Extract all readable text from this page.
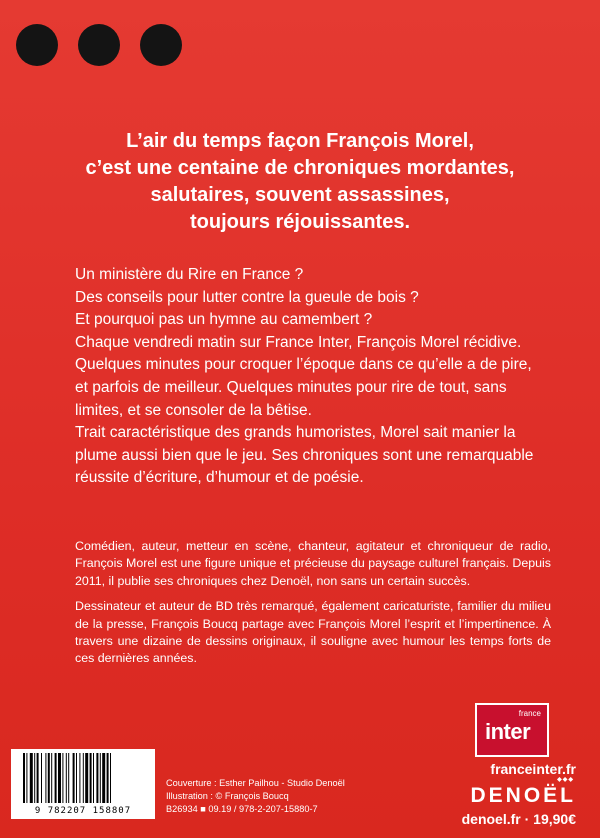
L’air du temps façon François Morel,
c’est une centaine de chroniques mordantes,
salutaires, souvent assassines,
toujours réjouissantes.

Un ministère du Rire en France ?

Des conseils pour lutter contre la gueule de bois ?

Et pourquoi pas un hymne au camembert ?

Chaque vendredi matin sur France Inter, François Morel récidive.

Quelques minutes pour croquer l’époque dans ce qu’elle a de pire,

et parfois de meilleur. Quelques minutes pour rire de tout, sans

limites, et se consoler de la bêtise.

Trait caractéristique des grands humoristes, Morel sait manier la

plume aussi bien que le jeu. Ses chroniques sont une remarquable

réussite d’écriture, d’humour et de poésie.

Comédien, auteur, metteur en scène, chanteur, agitateur et chroniqueur de radio, François Morel est une figure unique et précieuse du paysage culturel français. Depuis 2011, il publie ses chroniques chez Denoël, non sans un certain succès.

Dessinateur et auteur de BD très remarqué, également caricaturiste, familier du milieu de la presse, François Boucq partage avec François Morel l’esprit et l’impertinence. À travers une dizaine de dessins originaux, il souligne avec humour les temps forts de ces dernières années.

9 782207 158807
Couverture : Esther Pailhou - Studio Denoël
Illustration : © François Boucq
B26934 ■ 09.19 / 978-2-207-15880-7
france
inter
franceinter.fr
◆◆◆
DENOËL
denoel.fr · 19,90€
